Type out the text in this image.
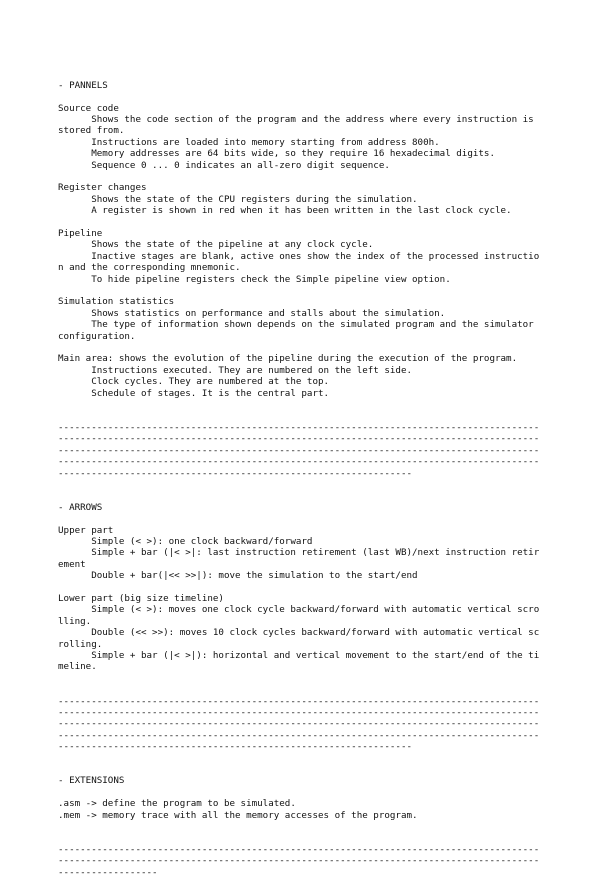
- PANNELS
Source code
Shows the code section of the program and the address where every instruction is stored from.
Instructions are loaded into memory starting from address 800h.
Memory addresses are 64 bits wide, so they require 16 hexadecimal digits.
Sequence 0 ... 0 indicates an all-zero digit sequence.
Register changes
Shows the state of the CPU registers during the simulation.
A register is shown in red when it has been written in the last clock cycle.
Pipeline
Shows the state of the pipeline at any clock cycle.
Inactive stages are blank, active ones show the index of the processed instruction and the corresponding mnemonic.
To hide pipeline registers check the Simple pipeline view option.
Simulation statistics
Shows statistics on performance and stalls about the simulation.
The type of information shown depends on the simulated program and the simulator configuration.
Main area: shows the evolution of the pipeline during the execution of the program.
Instructions executed. They are numbered on the left side.
Clock cycles. They are numbered at the top.
Schedule of stages. It is the central part.

----------------------------------------------------------------------------------------------------------------------------------------------------------------------------------------------------------------------------------------------------------------------------------------------------------------------------------------------------------------------------------------------------------------------------

- ARROWS
Upper part
Simple (< >): one clock backward/forward
Simple + bar (|< >|: last instruction retirement (last WB)/next instruction retirement
Double + bar(|<< >>|): move the simulation to the start/end
Lower part (big size timeline)
Simple (< >): moves one clock cycle backward/forward with automatic vertical scrolling.
Double (<< >>): moves 10 clock cycles backward/forward with automatic vertical scrolling.
Simple + bar (|< >|): horizontal and vertical movement to the start/end of the timeline.

----------------------------------------------------------------------------------------------------------------------------------------------------------------------------------------------------------------------------------------------------------------------------------------------------------------------------------------------------------------------------------------------------------------------------

- EXTENSIONS
.asm -> define the program to be simulated.
.mem -> memory trace with all the memory accesses of the program.

------------------------------------------------------------------------------------------------------------------------------------------------------------------------------------------------
